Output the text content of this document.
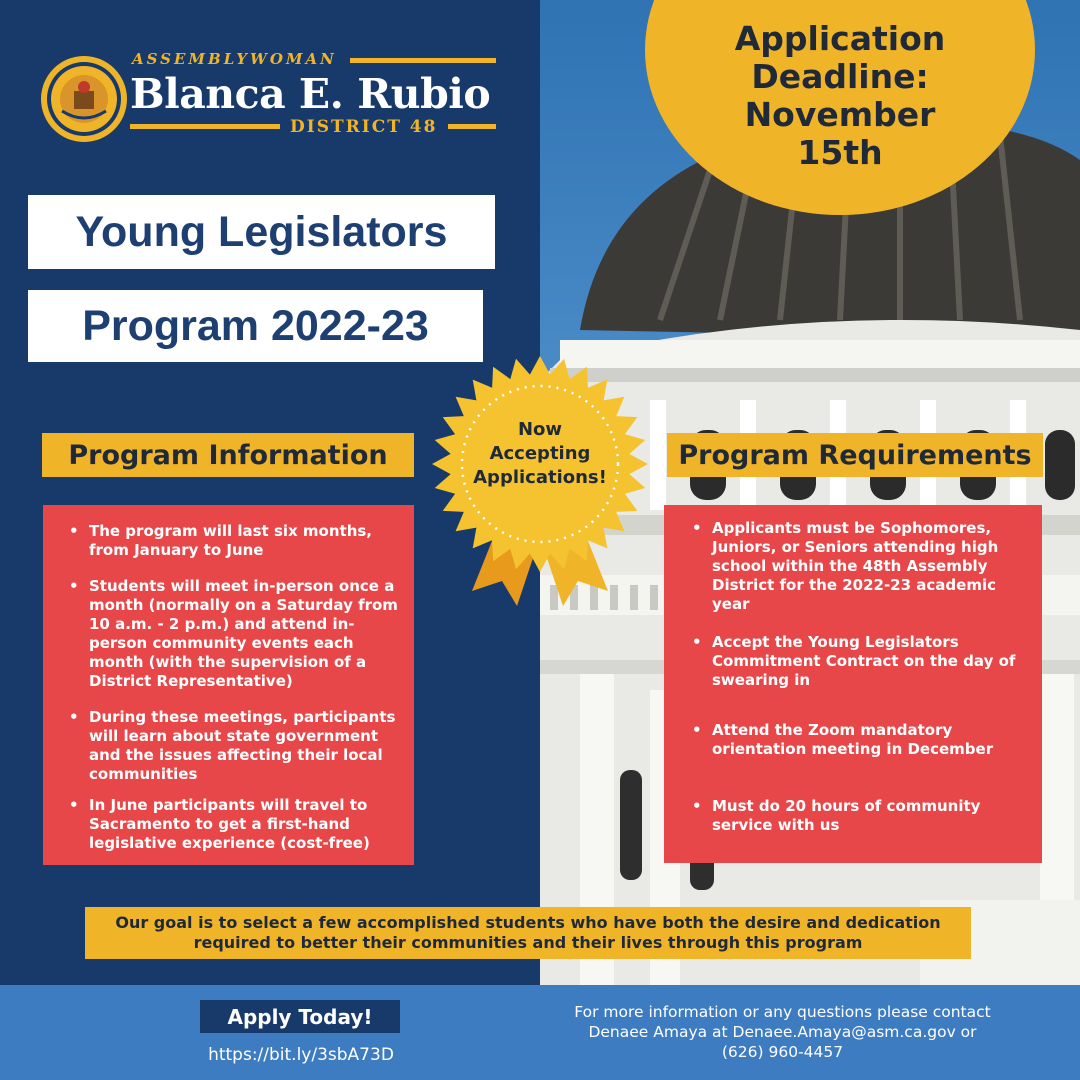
ASSEMBLYWOMAN
Blanca E. Rubio
DISTRICT 48
Young Legislators
Program 2022-23
Application
Deadline:
November
15th
Program Information	Program Requirements
• The program will last six months, from January to June
• Students will meet in-person once a month (normally on a Saturday from 10 a.m. - 2 p.m.) and attend in-person community events each month (with the supervision of a District Representative)
• During these meetings, participants will learn about state government and the issues affecting their local communities
• In June participants will travel to Sacramento to get a first-hand legislative experience (cost-free)
• Applicants must be Sophomores, Juniors, or Seniors attending high school within the 48th Assembly District for the 2022-23 academic year
• Accept the Young Legislators Commitment Contract on the day of swearing in
• Attend the Zoom mandatory orientation meeting in December
• Must do 20 hours of community service with us
Now
Accepting
Applications!
Our goal is to select a few accomplished students who have both the desire and dedication required to better their communities and their lives through this program
Apply Today!
https://bit.ly/3sbA73D
For more information or any questions please contact
Denaee Amaya at Denaee.Amaya@asm.ca.gov or
(626) 960-4457
